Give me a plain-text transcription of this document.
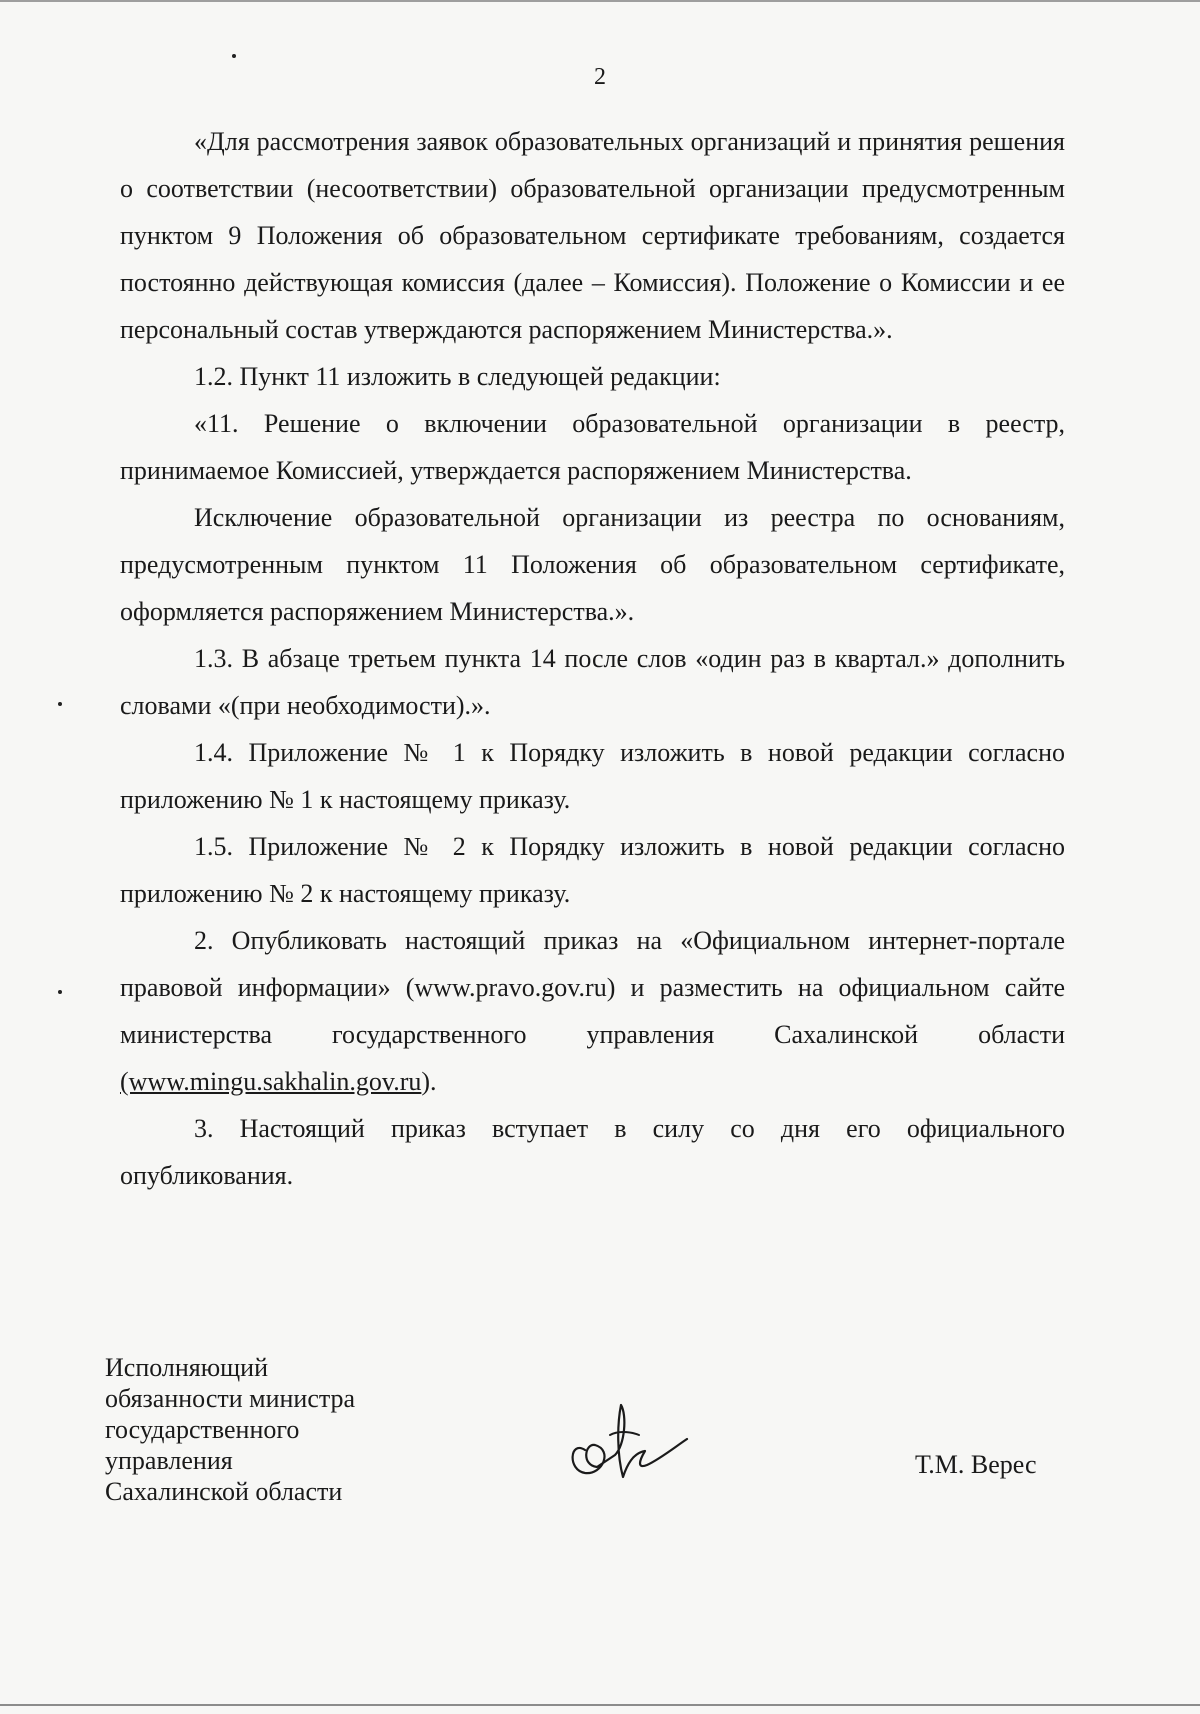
2

«Для рассмотрения заявок образовательных организаций и принятия решения о соответствии (несоответствии) образовательной организации предусмотренным пунктом 9 Положения об образовательном сертификате требованиям, создается постоянно действующая комиссия (далее – Комиссия). Положение о Комиссии и ее персональный состав утверждаются распоряжением Министерства.».

1.2. Пункт 11 изложить в следующей редакции:

«11. Решение о включении образовательной организации в реестр, принимаемое Комиссией, утверждается распоряжением Министерства.

Исключение образовательной организации из реестра по основаниям, предусмотренным пунктом 11 Положения об образовательном сертификате, оформляется распоряжением Министерства.».

1.3. В абзаце третьем пункта 14 после слов «один раз в квартал.» дополнить словами «(при необходимости).».

1.4. Приложение № 1 к Порядку изложить в новой редакции согласно приложению № 1 к настоящему приказу.

1.5. Приложение № 2 к Порядку изложить в новой редакции согласно приложению № 2 к настоящему приказу.

2. Опубликовать настоящий приказ на «Официальном интернет-портале правовой информации» (www.pravo.gov.ru) и разместить на официальном сайте министерства государственного управления Сахалинской области (www.mingu.sakhalin.gov.ru).

3. Настоящий приказ вступает в силу со дня его официального опубликования.

Исполняющий
обязанности министра
государственного
управления
Сахалинской области
Т.М. Верес
